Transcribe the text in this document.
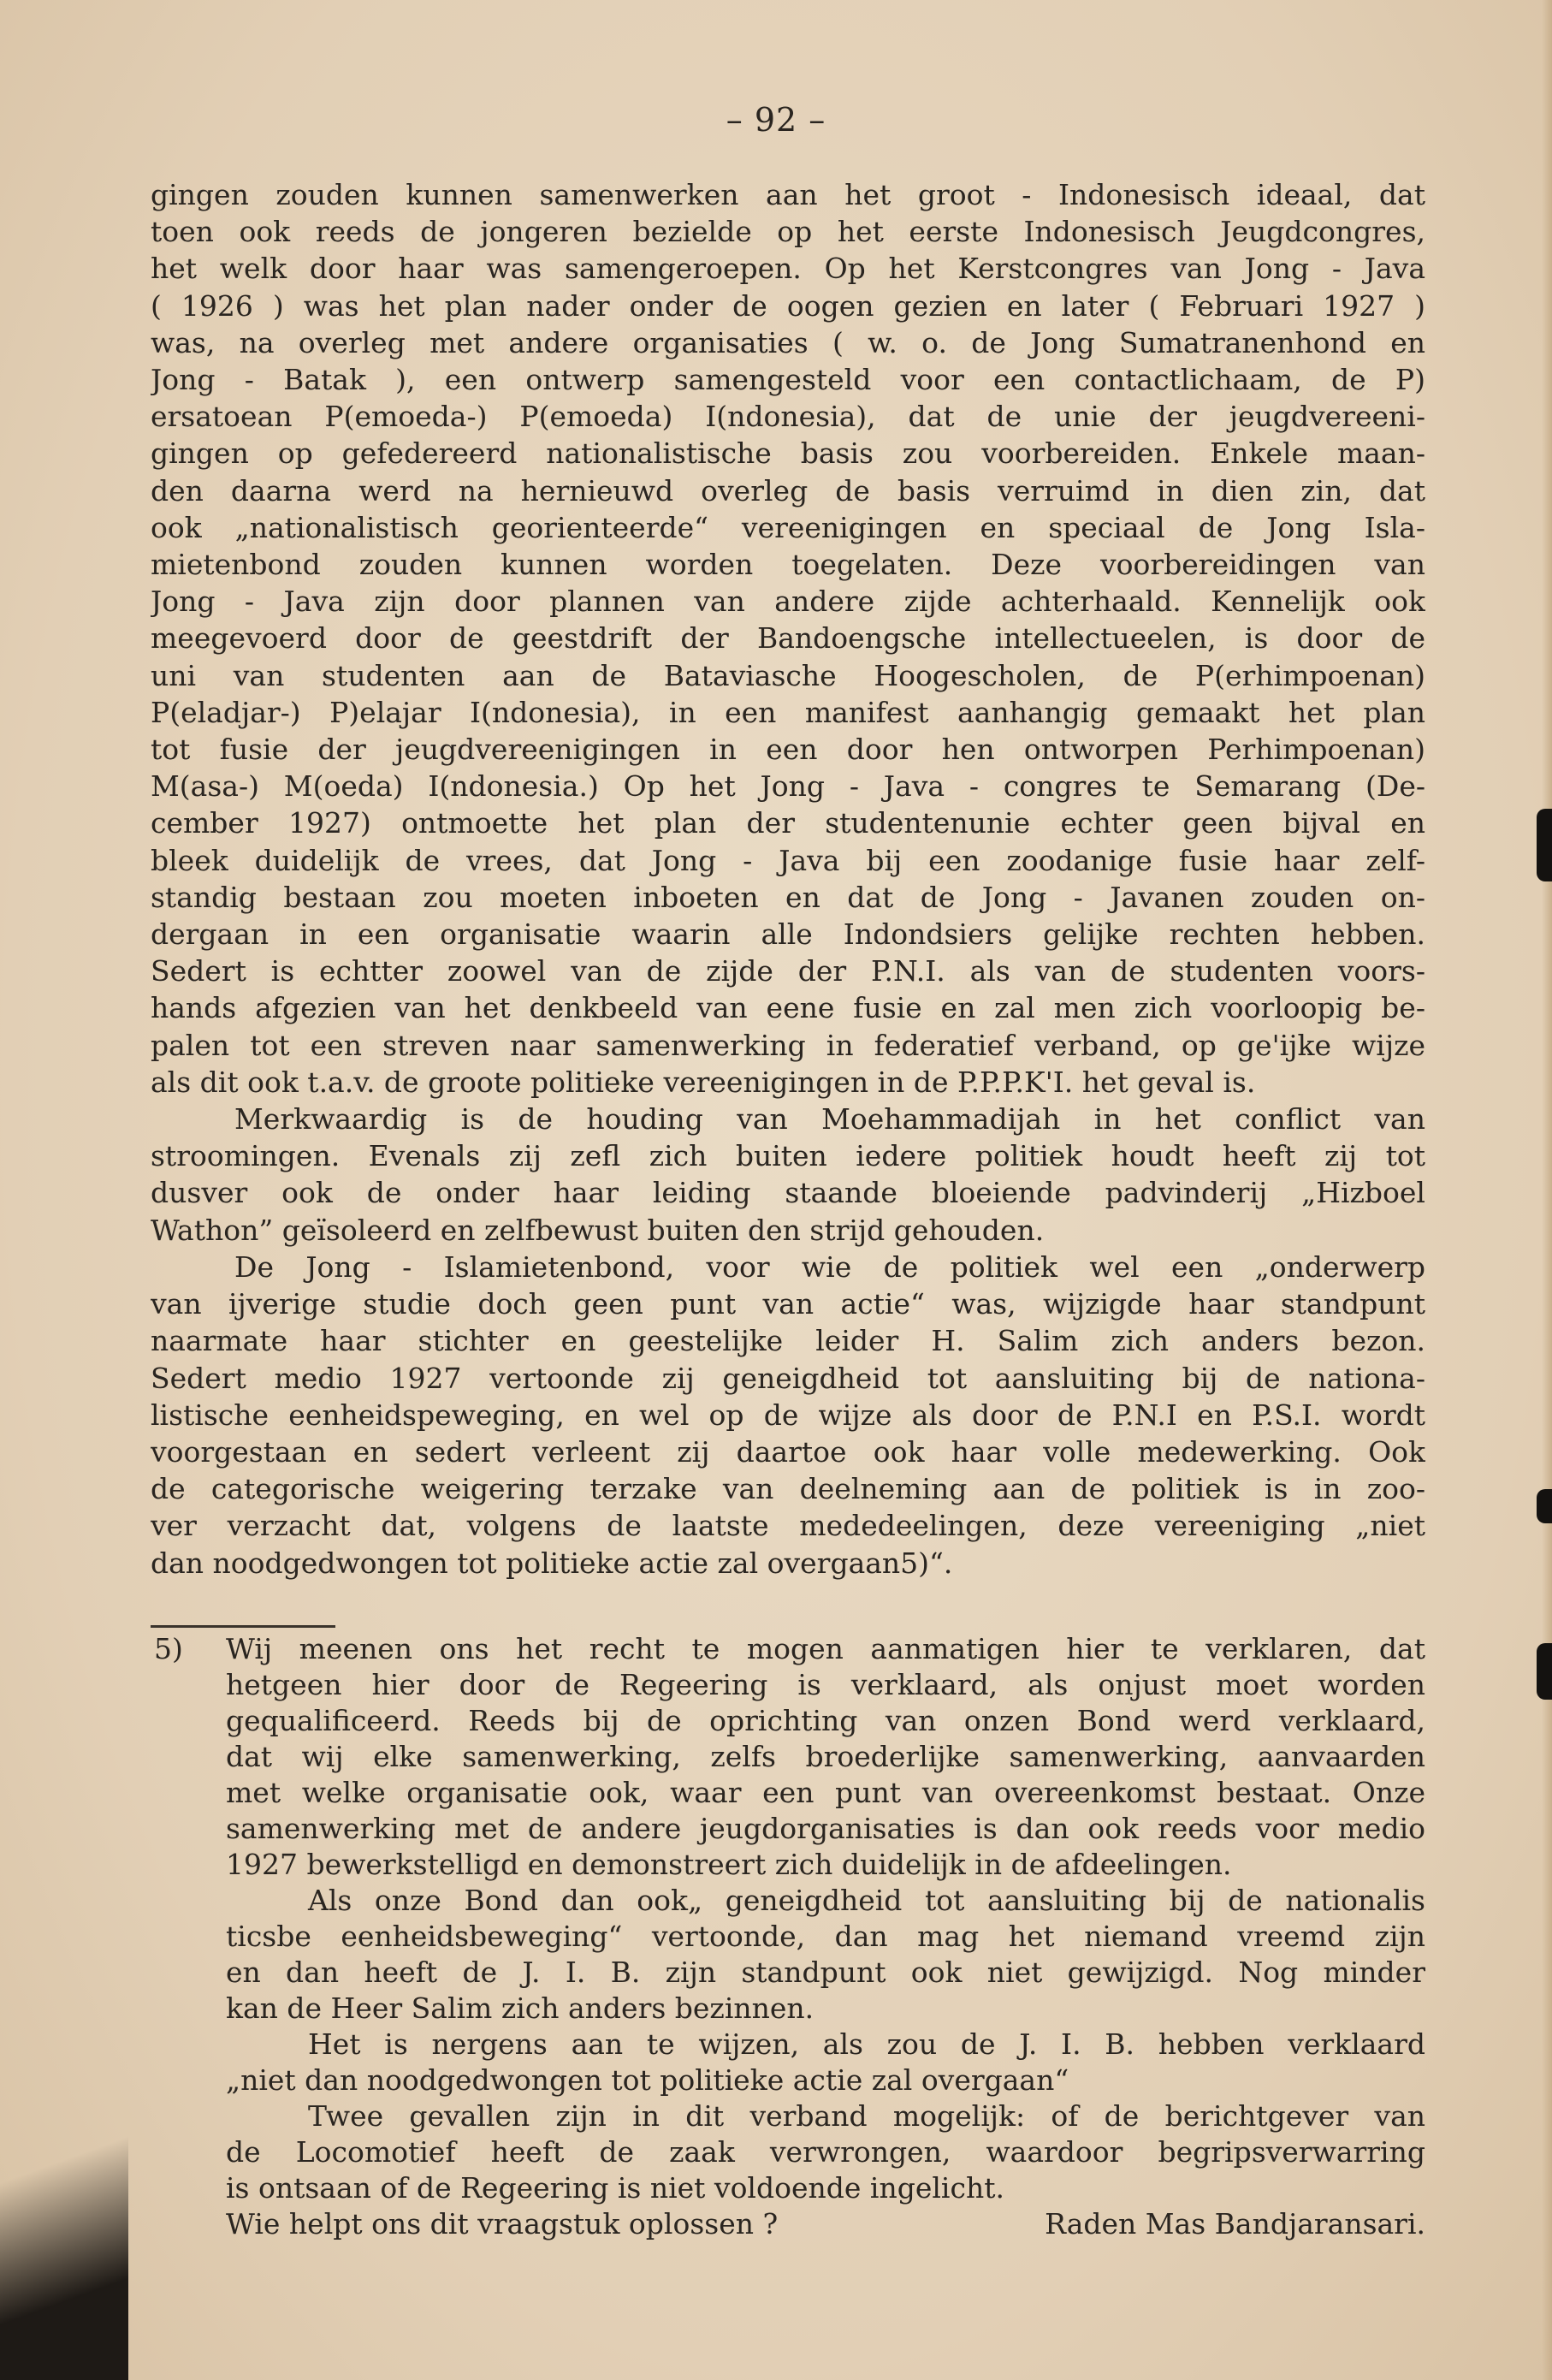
– 92 –
gingen zouden kunnen samenwerken aan het groot - Indonesisch ideaal, dat
toen ook reeds de jongeren bezielde op het eerste Indonesisch Jeugdcongres,
het welk door haar was samengeroepen. Op het Kerstcongres van Jong - Java
( 1926 ) was het plan nader onder de oogen gezien en later ( Februari 1927 )
was, na overleg met andere organisaties ( w. o. de Jong Sumatranenhond en
Jong - Batak ), een ontwerp samengesteld voor een contactlichaam, de P)
ersatoean P(emoeda-) P(emoeda) I(ndonesia), dat de unie der jeugdvereeni-
gingen op gefedereerd nationalistische basis zou voorbereiden. Enkele maan-
den daarna werd na hernieuwd overleg de basis verruimd in dien zin, dat
ook „nationalistisch georienteerde“ vereenigingen en speciaal de Jong Isla-
mietenbond zouden kunnen worden toegelaten. Deze voorbereidingen van
Jong - Java zijn door plannen van andere zijde achterhaald. Kennelijk ook
meegevoerd door de geestdrift der Bandoengsche intellectueelen, is door de
uni van studenten aan de Bataviasche Hoogescholen, de P(erhimpoenan)
P(eladjar-) P)elajar I(ndonesia), in een manifest aanhangig gemaakt het plan
tot fusie der jeugdvereenigingen in een door hen ontworpen Perhimpoenan)
M(asa-) M(oeda) I(ndonesia.) Op het Jong - Java - congres te Semarang (De-
cember 1927) ontmoette het plan der studentenunie echter geen bijval en
bleek duidelijk de vrees, dat Jong - Java bij een zoodanige fusie haar zelf-
standig bestaan zou moeten inboeten en dat de Jong - Javanen zouden on-
dergaan in een organisatie waarin alle Indondsiers gelijke rechten hebben.
Sedert is echtter zoowel van de zijde der P.N.I. als van de studenten voors-
hands afgezien van het denkbeeld van eene fusie en zal men zich voorloopig be-
palen tot een streven naar samenwerking in federatief verband, op ge'ijke wijze
als dit ook t.a.v. de groote politieke vereenigingen in de P.P.P.K'I. het geval is.
Merkwaardig is de houding van Moehammadijah in het conflict van
stroomingen. Evenals zij zefl zich buiten iedere politiek houdt heeft zij tot
dusver ook de onder haar leiding staande bloeiende padvinderij „Hizboel
Wathon” geïsoleerd en zelfbewust buiten den strijd gehouden.
De Jong - Islamietenbond, voor wie de politiek wel een „onderwerp
van ijverige studie doch geen punt van actie“ was, wijzigde haar standpunt
naarmate haar stichter en geestelijke leider H. Salim zich anders bezon.
Sedert medio 1927 vertoonde zij geneigdheid tot aansluiting bij de nationa-
listische eenheidspeweging, en wel op de wijze als door de P.N.I en P.S.I. wordt
voorgestaan en sedert verleent zij daartoe ook haar volle medewerking. Ook
de categorische weigering terzake van deelneming aan de politiek is in zoo-
ver verzacht dat, volgens de laatste mededeelingen, deze vereeniging „niet
dan noodgedwongen tot politieke actie zal overgaan5)“.
5) Wij meenen ons het recht te mogen aanmatigen hier te verklaren, dat
hetgeen hier door de Regeering is verklaard, als onjust moet worden
gequalificeerd. Reeds bij de oprichting van onzen Bond werd verklaard,
dat wij elke samenwerking, zelfs broederlijke samenwerking, aanvaarden
met welke organisatie ook, waar een punt van overeenkomst bestaat. Onze
samenwerking met de andere jeugdorganisaties is dan ook reeds voor medio
1927 bewerkstelligd en demonstreert zich duidelijk in de afdeelingen.
Als onze Bond dan ook„ geneigdheid tot aansluiting bij de nationalis
ticsbe eenheidsbeweging“ vertoonde, dan mag het niemand vreemd zijn
en dan heeft de J. I. B. zijn standpunt ook niet gewijzigd. Nog minder
kan de Heer Salim zich anders bezinnen.
Het is nergens aan te wijzen, als zou de J. I. B. hebben verklaard
„niet dan noodgedwongen tot politieke actie zal overgaan“
Twee gevallen zijn in dit verband mogelijk: of de berichtgever van
de Locomotief heeft de zaak verwrongen, waardoor begripsverwarring
is ontsaan of de Regeering is niet voldoende ingelicht.
Wie helpt ons dit vraagstuk oplossen ?	Raden Mas Bandjaransari.
